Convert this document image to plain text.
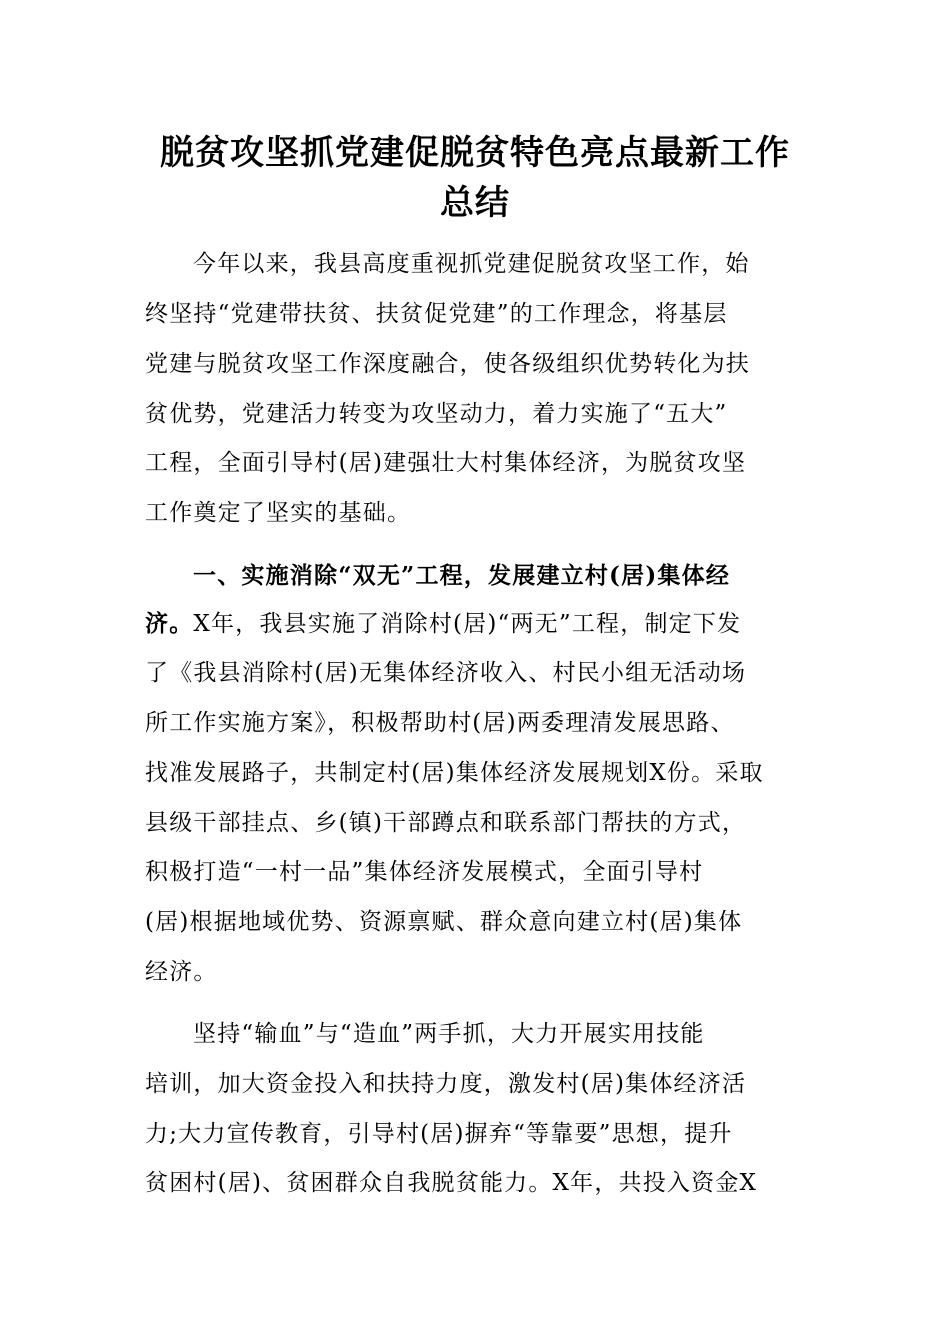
脱贫攻坚抓党建促脱贫特色亮点最新工作
总结

今年以来，我县高度重视抓党建促脱贫攻坚工作，始

终坚持“党建带扶贫、扶贫促党建”的工作理念，将基层

党建与脱贫攻坚工作深度融合，使各级组织优势转化为扶

贫优势，党建活力转变为攻坚动力，着力实施了“五大”

工程，全面引导村(居)建强壮大村集体经济，为脱贫攻坚

工作奠定了坚实的基础。

一、实施消除“双无”工程，发展建立村(居)集体经

济。X年，我县实施了消除村(居)“两无”工程，制定下发

了《我县消除村(居)无集体经济收入、村民小组无活动场

所工作实施方案》，积极帮助村(居)两委理清发展思路、

找准发展路子，共制定村(居)集体经济发展规划X份。采取

县级干部挂点、乡(镇)干部蹲点和联系部门帮扶的方式，

积极打造“一村一品”集体经济发展模式，全面引导村

(居)根据地域优势、资源禀赋、群众意向建立村(居)集体

经济。

坚持“输血”与“造血”两手抓，大力开展实用技能

培训，加大资金投入和扶持力度，激发村(居)集体经济活

力;大力宣传教育，引导村(居)摒弃“等靠要”思想，提升

贫困村(居)、贫困群众自我脱贫能力。X年，共投入资金X
